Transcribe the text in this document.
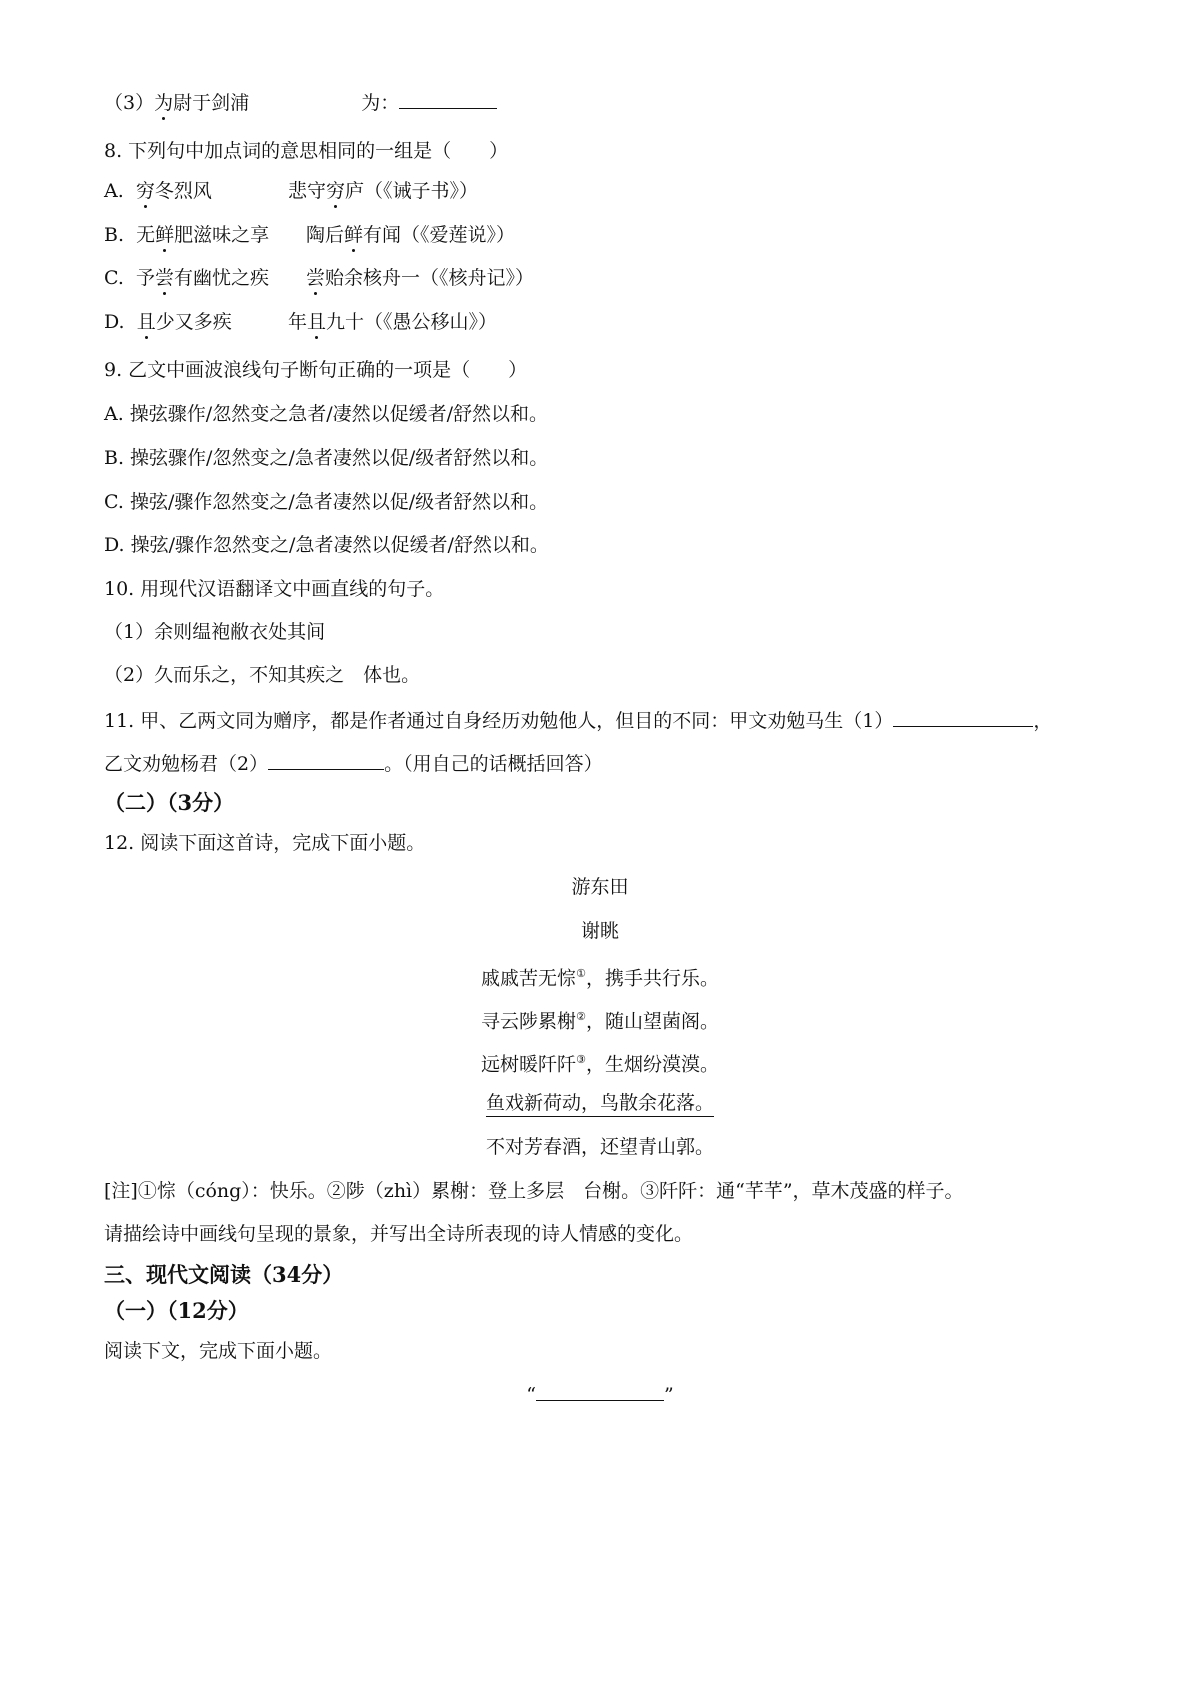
（3）为尉于剑浦	为：
8. 下列句中加点词的意思相同的一组是（　　）
A. 穷冬烈风	悲守穷庐（《诫子书》）
B. 无鲜肥滋味之享 陶后鲜有闻（《爱莲说》）
C. 予尝有幽忧之疾 尝贻余核舟一（《核舟记》）
D. 且少又多疾	年且九十（《愚公移山》）
9. 乙文中画波浪线句子断句正确的一项是（　　）
A. 操弦骤作/忽然变之急者/凄然以促缓者/舒然以和。
B. 操弦骤作/忽然变之/急者凄然以促/级者舒然以和。
C. 操弦/骤作忽然变之/急者凄然以促/级者舒然以和。
D. 操弦/骤作忽然变之/急者凄然以促缓者/舒然以和。
10. 用现代汉语翻译文中画直线的句子。
（1）余则缊袍敝衣处其间
（2）久而乐之，不知其疾之　体也。
11. 甲、乙两文同为赠序，都是作者通过自身经历劝勉他人，但目的不同：甲文劝勉马生（1）	，
乙文劝勉杨君（2）	。（用自己的话概括回答）
（二）（3分）
12. 阅读下面这首诗，完成下面小题。
游东田
谢眺
戚戚苦无悰①，携手共行乐。
寻云陟累榭②，随山望菌阁。
远树暖阡阡③，生烟纷漠漠。
鱼戏新荷动，鸟散余花落。
不对芳春酒，还望青山郭。
[注]①悰（cóng）：快乐。②陟（zhì）累榭：登上多层　台榭。③阡阡：通“芊芊”，草木茂盛的样子。
请描绘诗中画线句呈现的景象，并写出全诗所表现的诗人情感的变化。
三、现代文阅读（34分）
（一）（12分）
阅读下文，完成下面小题。
“	”
